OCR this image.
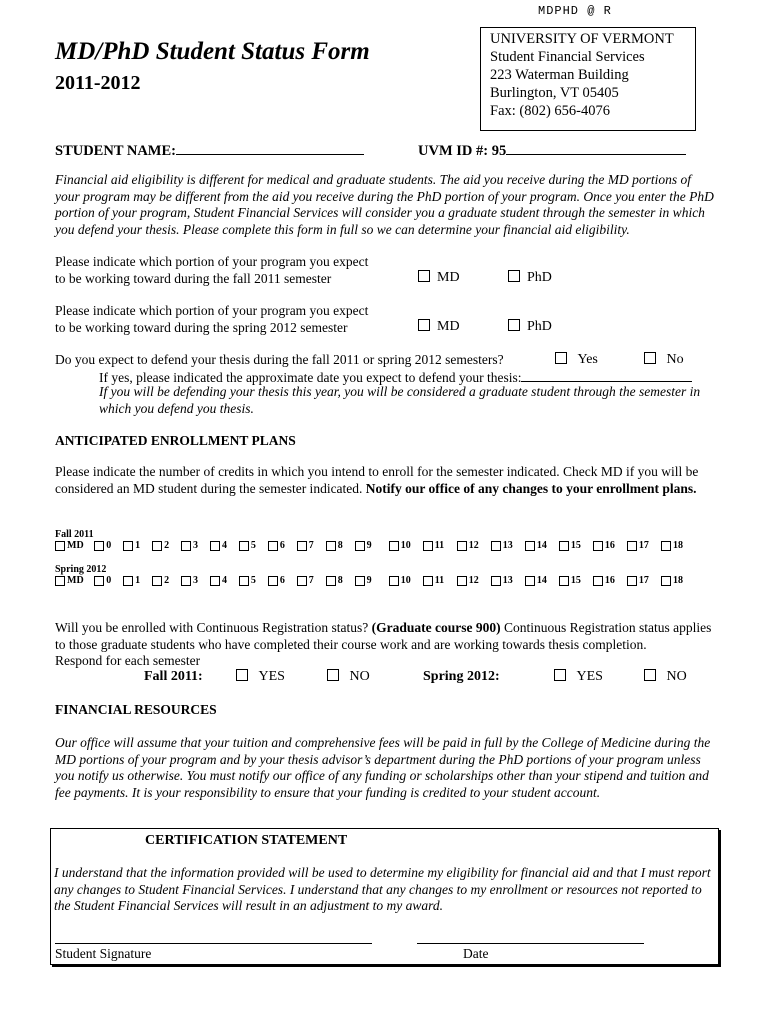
MDPHD @ R
MD/PhD Student Status Form
2011-2012
UNIVERSITY OF VERMONT
Student Financial Services
223 Waterman Building
Burlington, VT 05405
Fax: (802) 656-4076
STUDENT NAME:	UVM ID #: 95
Financial aid eligibility is different for medical and graduate students. The aid you receive during the MD portions of your program may be different from the aid you receive during the PhD portion of your program. Once you enter the PhD portion of your program, Student Financial Services will consider you a graduate student through the semester in which you defend your thesis. Please complete this form in full so we can determine your financial aid eligibility.
Please indicate which portion of your program you expect
to be working toward during the fall 2011 semester	MD	PhD
Please indicate which portion of your program you expect
to be working toward during the spring 2012 semester	MD	PhD
Do you expect to defend your thesis during the fall 2011 or spring 2012 semesters?	Yes	No
If yes, please indicated the approximate date you expect to defend your thesis:
If you will be defending your thesis this year, you will be considered a graduate student through the semester in which you defend you thesis.
ANTICIPATED ENROLLMENT PLANS
Please indicate the number of credits in which you intend to enroll for the semester indicated. Check MD if you will be considered an MD student during the semester indicated. Notify our office of any changes to your enrollment plans.
Fall 2011
MD 0 1 2 3 4 5 6 7 8 9	10 11 12 13 14 15 16 17 18
Spring 2012
MD 0 1 2 3 4 5 6 7 8 9	10 11 12 13 14 15 16 17 18
Will you be enrolled with Continuous Registration status? (Graduate course 900) Continuous Registration status applies to those graduate students who have completed their course work and are working towards thesis completion.
Respond for each semester
Fall 2011:	YES	NO	Spring 2012:	YES	NO
FINANCIAL RESOURCES
Our office will assume that your tuition and comprehensive fees will be paid in full by the College of Medicine during the MD portions of your program and by your thesis advisor’s department during the PhD portions of your program unless you notify us otherwise. You must notify our office of any funding or scholarships other than your stipend and tuition and fee payments. It is your responsibility to ensure that your funding is credited to your student account.
CERTIFICATION STATEMENT
I understand that the information provided will be used to determine my eligibility for financial aid and that I must report any changes to Student Financial Services. I understand that any changes to my enrollment or resources not reported to the Student Financial Services will result in an adjustment to my award.
Student Signature	Date
